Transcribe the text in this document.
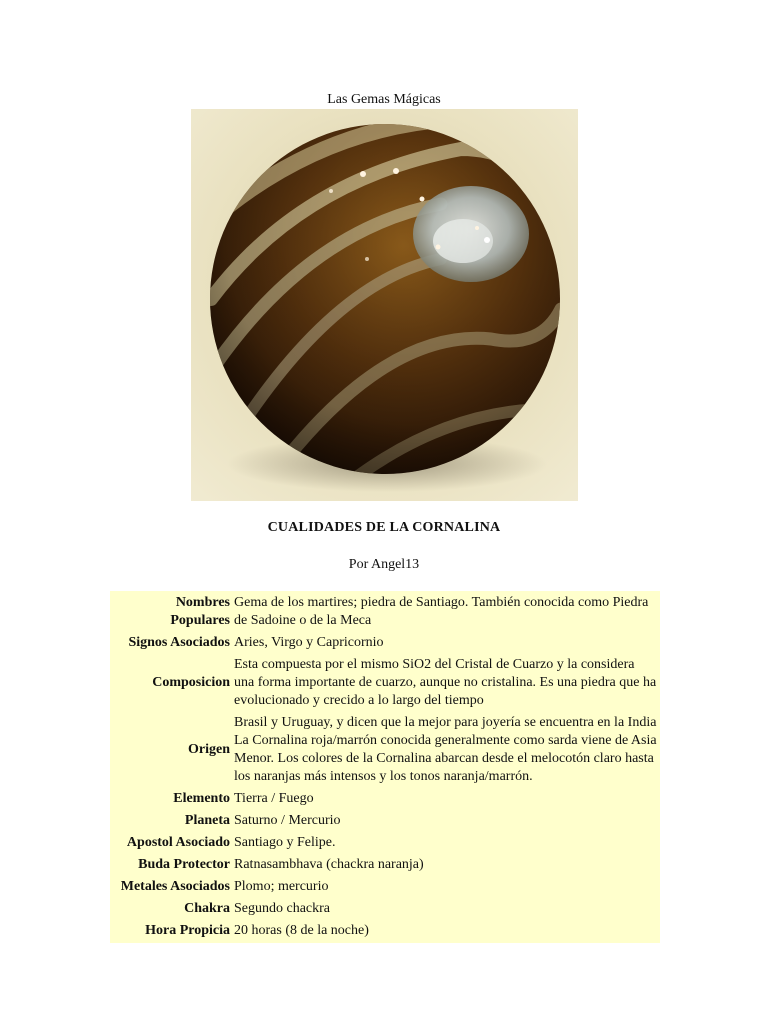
Las Gemas Mágicas
CUALIDADES DE LA CORNALINA
Por Angel13
Nombres Populares	Gema de los martires; piedra de Santiago. También conocida como Piedra de Sadoine o de la Meca
Signos Asociados	Aries, Virgo y Capricornio
Composicion	Esta compuesta por el mismo SiO2 del Cristal de Cuarzo y la considera una forma importante de cuarzo, aunque no cristalina. Es una piedra que ha evolucionado y crecido a lo largo del tiempo
Origen	Brasil y Uruguay, y dicen que la mejor para joyería se encuentra en la India La Cornalina roja/marrón conocida generalmente como sarda viene de Asia Menor. Los colores de la Cornalina abarcan desde el melocotón claro hasta los naranjas más intensos y los tonos naranja/marrón.
Elemento	Tierra / Fuego
Planeta	Saturno / Mercurio
Apostol Asociado	Santiago y Felipe.
Buda Protector	Ratnasambhava (chackra naranja)
Metales Asociados	Plomo; mercurio
Chakra	Segundo chackra
Hora Propicia	20 horas (8 de la noche)
